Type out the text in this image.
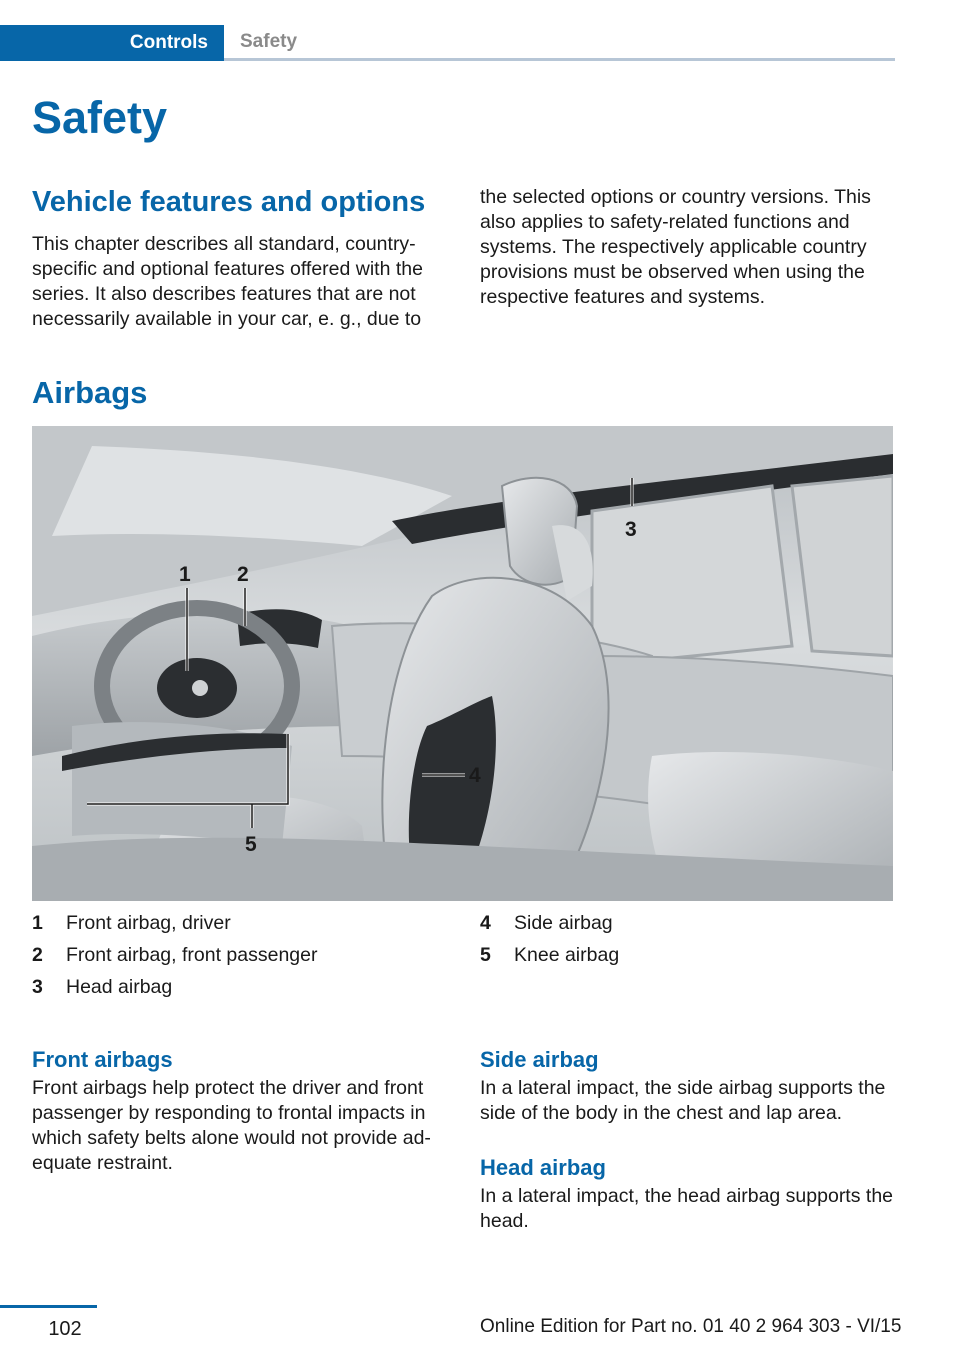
Controls	Safety
Safety
Vehicle features and options

This chapter describes all standard, country-specific and optional features offered with the series. It also describes features that are not necessarily available in your car, e. g., due to

the selected options or country versions. This also applies to safety-related functions and systems. The respectively applicable country provisions must be observed when using the respective features and systems.

Airbags
1 2
3
4
5
1	Front airbag, driver
2	Front airbag, front passenger
3	Head airbag
4	Side airbag
5	Knee airbag
Front airbags

Front airbags help protect the driver and front passenger by responding to frontal impacts in which safety belts alone would not provide ad-equate restraint.

Side airbag

In a lateral impact, the side airbag supports the side of the body in the chest and lap area.

Head airbag

In a lateral impact, the head airbag supports the head.

102	Online Edition for Part no. 01 40 2 964 303 - VI/15
